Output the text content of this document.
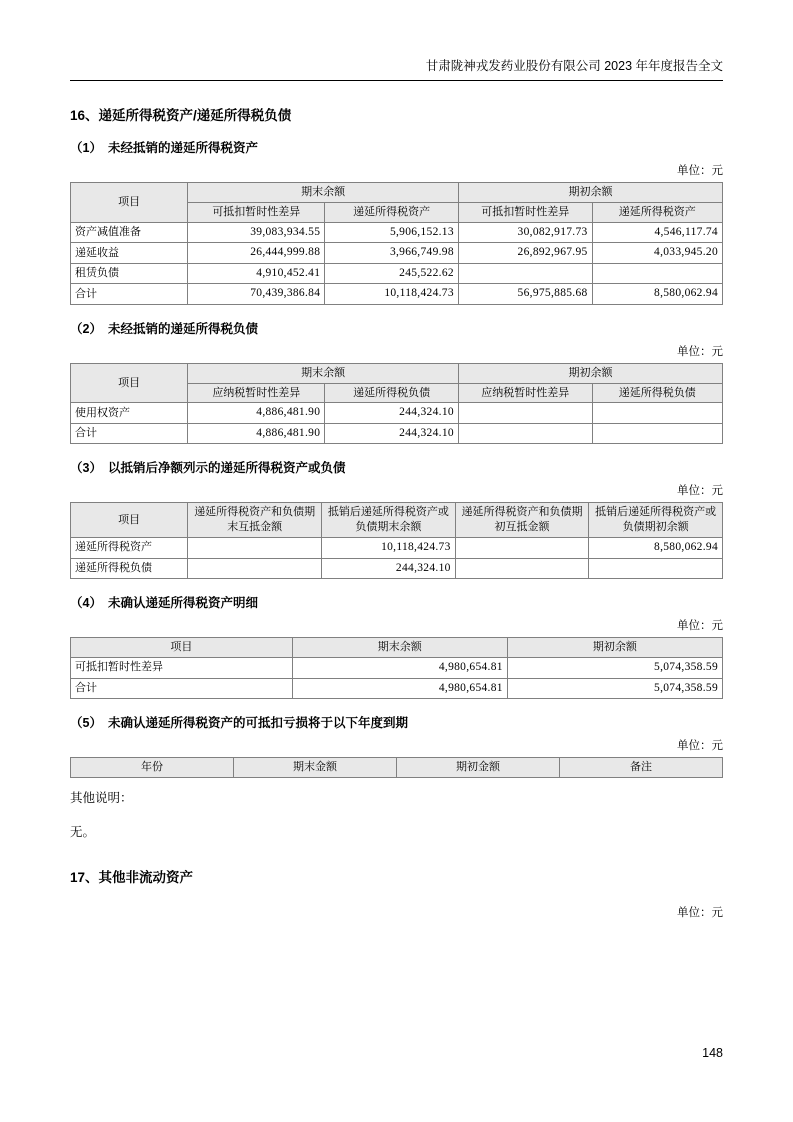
甘肃陇神戎发药业股份有限公司 2023 年年度报告全文
16、递延所得税资产/递延所得税负债
（1） 未经抵销的递延所得税资产
单位：元
项目	期末余额		期初余额	
	可抵扣暂时性差异	递延所得税资产	可抵扣暂时性差异	递延所得税资产
资产减值准备	39,083,934.55	5,906,152.13	30,082,917.73	4,546,117.74
递延收益	26,444,999.88	3,966,749.98	26,892,967.95	4,033,945.20
租赁负债	4,910,452.41	245,522.62		
合计	70,439,386.84	10,118,424.73	56,975,885.68	8,580,062.94
（2） 未经抵销的递延所得税负债
单位：元
项目	期末余额		期初余额	
	应纳税暂时性差异	递延所得税负债	应纳税暂时性差异	递延所得税负债
使用权资产	4,886,481.90	244,324.10		
合计	4,886,481.90	244,324.10		
（3） 以抵销后净额列示的递延所得税资产或负债
单位：元
项目	递延所得税资产和负债期末互抵金额	抵销后递延所得税资产或负债期末余额	递延所得税资产和负债期初互抵金额	抵销后递延所得税资产或负债期初余额
递延所得税资产		10,118,424.73		8,580,062.94
递延所得税负债		244,324.10		
（4） 未确认递延所得税资产明细
单位：元
项目	期末余额	期初余额
可抵扣暂时性差异	4,980,654.81	5,074,358.59
合计	4,980,654.81	5,074,358.59
（5） 未确认递延所得税资产的可抵扣亏损将于以下年度到期
单位：元
年份	期末金额	期初金额	备注
其他说明：
无。
17、其他非流动资产
单位：元
148
